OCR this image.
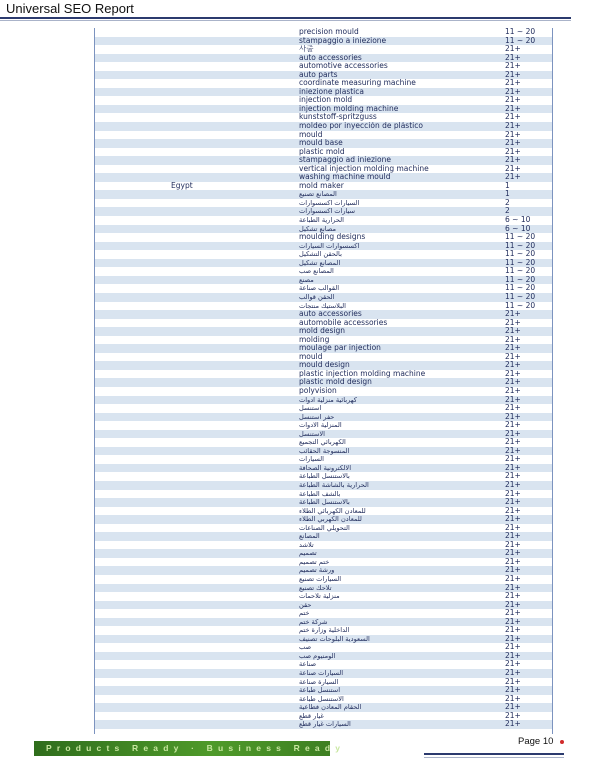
Universal SEO Report
precision mould	11 ~ 20
stampaggio a iniezione	11 ~ 20
사출	21+
auto accessories	21+
automotive accessories	21+
auto parts	21+
coordinate measuring machine	21+
iniezione plastica	21+
injection mold	21+
injection molding machine	21+
kunststoff-spritzguss	21+
moldeo por inyección de plástico	21+
mould	21+
mould base	21+
plastic mold	21+
stampaggio ad iniezione	21+
vertical injection molding machine	21+
washing machine mould	21+
Egypt	mold maker	1
المصانع تصنيع	1
السيارات اكسسوارات	2
سيارات اكسسوارات	2
الحرارية الطباعة	6 ~ 10
مصانع تشكيل	6 ~ 10
moulding designs	11 ~ 20
اكسسوارات السيارات	11 ~ 20
بالحقن التشكيل	11 ~ 20
المصانع تشكيل	11 ~ 20
المصانع صب	11 ~ 20
مصنع	11 ~ 20
القوالب صناعة	11 ~ 20
الحقن قوالب	11 ~ 20
البلاستيك منتجات	11 ~ 20
auto accessories	21+
automobile accessories	21+
mold design	21+
molding	21+
moulage par injection	21+
mould	21+
mould design	21+
plastic injection molding machine	21+
plastic mold design	21+
polyvision	21+
كهربائية منزلية ادوات	21+
استنسل	21+
حفر استنسل	21+
المنزلية الادوات	21+
الاستنسل	21+
الكهربائي التجميع	21+
المنسوجة الحقائب	21+
السيارات	21+
الالكترونية الصحافة	21+
بالاستنسل الطباعة	21+
الحرارية بالشاشة الطباعة	21+
بالشف الطباعة	21+
بالاستنسل الطباعة	21+
للمعادن الكهربائي الطلاء	21+
للمعادن الكهربي الطلاء	21+
التحويلي الصناعات	21+
المصانع	21+
تلاشد	21+
تصميم	21+
ختم تصميم	21+
ورشة تصميم	21+
السيارات تصنيع	21+
تلاحك تصنيع	21+
منزلية تلاحمات	21+
حقن	21+
ختم	21+
شركة ختم	21+
الداخلية وزارة ختم	21+
السعودية البلوحات تصنيف	21+
صب	21+
الومنيوم صب	21+
صناعة	21+
السيارات صناعة	21+
السيارة صناعة	21+
استنسل طباعة	21+
الاستنسل طباعة	21+
الحقام المعادن فطاعية	21+
غيار قطع	21+
السيارات غيار قطع	21+
Page 10
Products Ready · Business Ready
